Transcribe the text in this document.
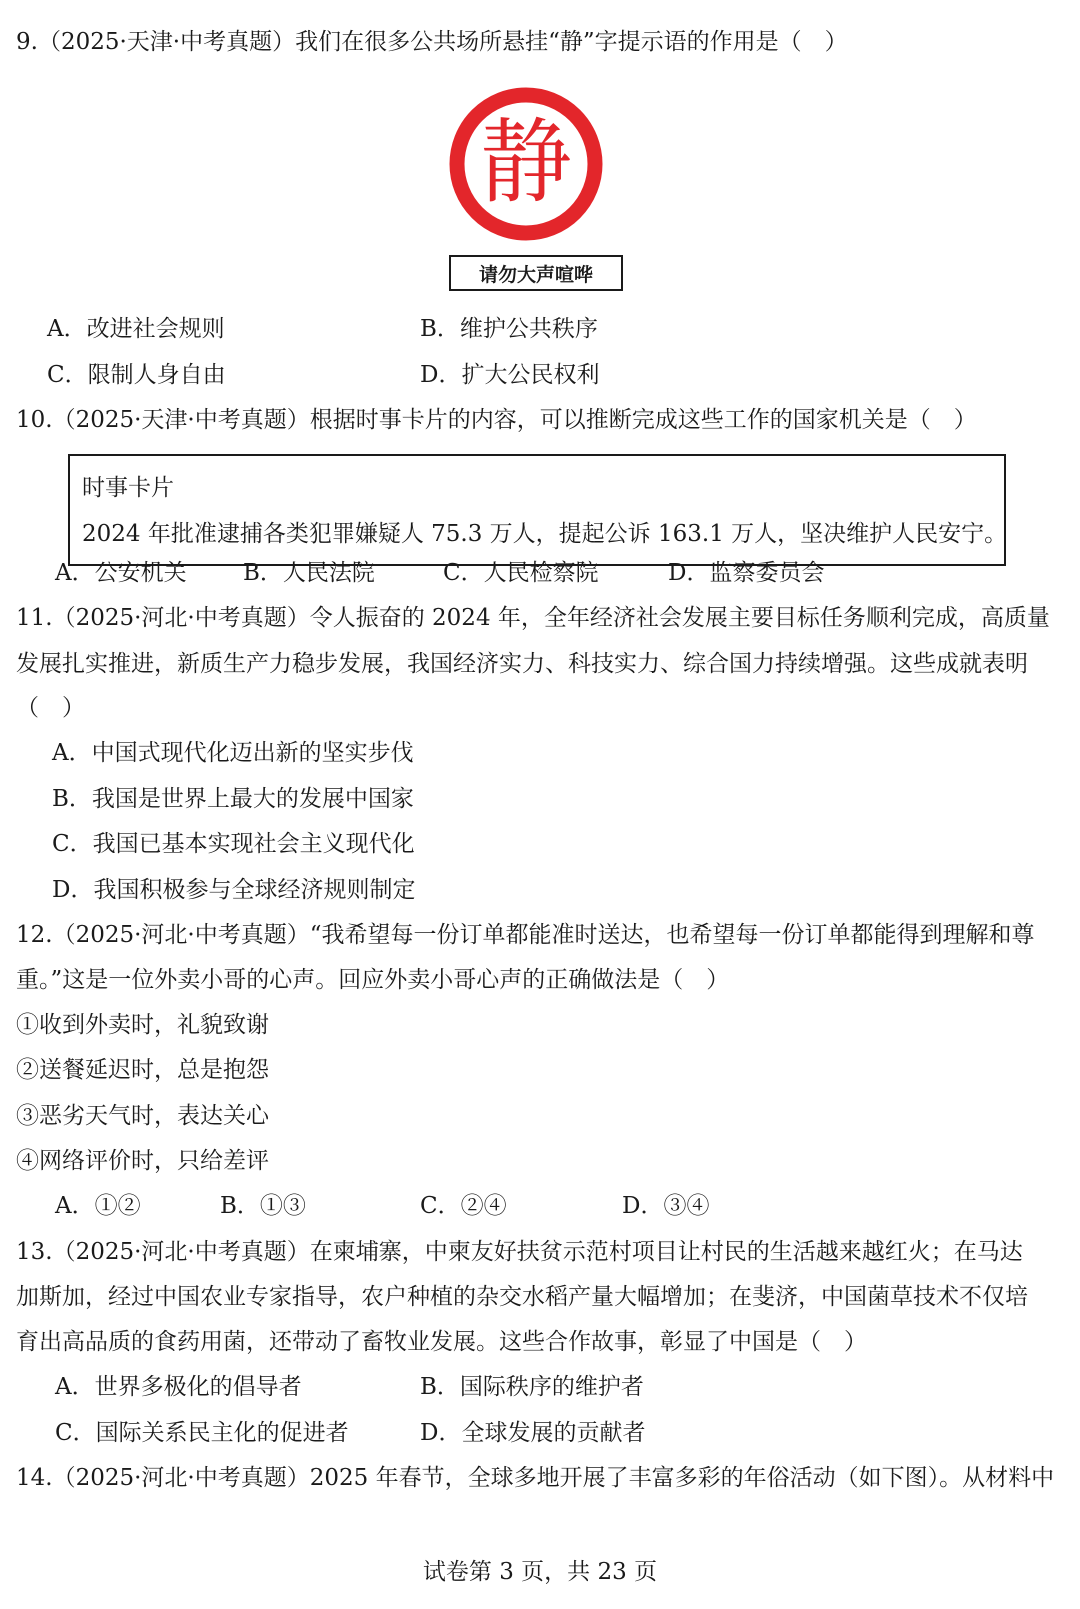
9.（2025·天津·中考真题）我们在很多公共场所悬挂“静”字提示语的作用是（　）
静
请勿大声喧哗
A．改进社会规则	B．维护公共秩序
C．限制人身自由	D．扩大公民权利
10.（2025·天津·中考真题）根据时事卡片的内容，可以推断完成这些工作的国家机关是（　）
时事卡片
2024 年批准逮捕各类犯罪嫌疑人 75.3 万人，提起公诉 163.1 万人，坚决维护人民安宁。
A．公安机关 B．人民法院	C．人民检察院	D．监察委员会
11.（2025·河北·中考真题）令人振奋的 2024 年，全年经济社会发展主要目标任务顺利完成，高质量
发展扎实推进，新质生产力稳步发展，我国经济实力、科技实力、综合国力持续增强。这些成就表明
（　）
A．中国式现代化迈出新的坚实步伐
B．我国是世界上最大的发展中国家
C．我国已基本实现社会主义现代化
D．我国积极参与全球经济规则制定
12.（2025·河北·中考真题）“我希望每一份订单都能准时送达，也希望每一份订单都能得到理解和尊
重。”这是一位外卖小哥的心声。回应外卖小哥心声的正确做法是（　）
①收到外卖时，礼貌致谢
②送餐延迟时，总是抱怨
③恶劣天气时，表达关心
④网络评价时，只给差评
A．①②	B．①③	C．②④	D．③④
13.（2025·河北·中考真题）在柬埔寨，中柬友好扶贫示范村项目让村民的生活越来越红火；在马达
加斯加，经过中国农业专家指导，农户种植的杂交水稻产量大幅增加；在斐济，中国菌草技术不仅培
育出高品质的食药用菌，还带动了畜牧业发展。这些合作故事，彰显了中国是（　）
A．世界多极化的倡导者	B．国际秩序的维护者
C．国际关系民主化的促进者	D．全球发展的贡献者
14.（2025·河北·中考真题）2025 年春节，全球多地开展了丰富多彩的年俗活动（如下图）。从材料中
试卷第 3 页，共 23 页
